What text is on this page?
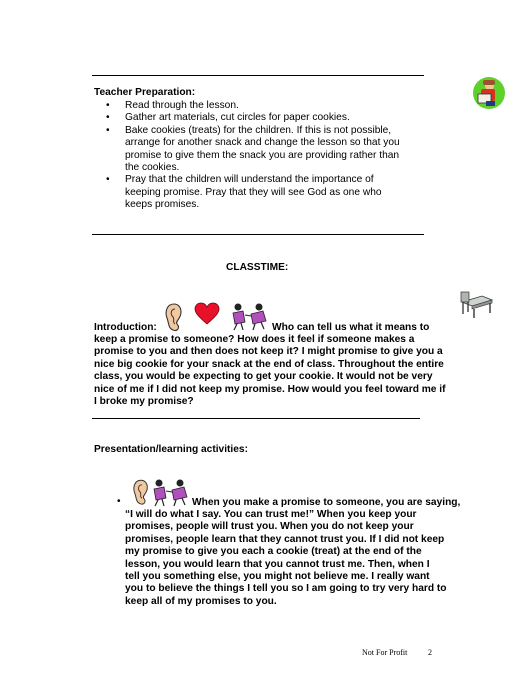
Teacher Preparation:
• Read through the lesson.
• Gather art materials, cut circles for paper cookies.
• Bake cookies (treats) for the children. If this is not possible, arrange for another snack and change the lesson so that you promise to give them the snack you are providing rather than the cookies.
• Pray that the children will understand the importance of keeping promise. Pray that they will see God as one who keeps promises.
CLASSTIME:
Introduction:	Who can tell us what it means to
keep a promise to someone? How does it feel if someone makes a promise to you and then does not keep it? I might promise to give you a nice big cookie for your snack at the end of class. Throughout the entire class, you would be expecting to get your cookie. It would not be very nice of me if I did not keep my promise. How would you feel toward me if I broke my promise?
Presentation/learning activities:
•	When you make a promise to someone, you are saying,
“I will do what I say. You can trust me!” When you keep your promises, people will trust you. When you do not keep your promises, people learn that they cannot trust you. If I did not keep my promise to give you each a cookie (treat) at the end of the lesson, you would learn that you cannot trust me. Then, when I tell you something else, you might not believe me. I really want you to believe the things I tell you so I am going to try very hard to keep all of my promises to you.
Not For Profit	2
